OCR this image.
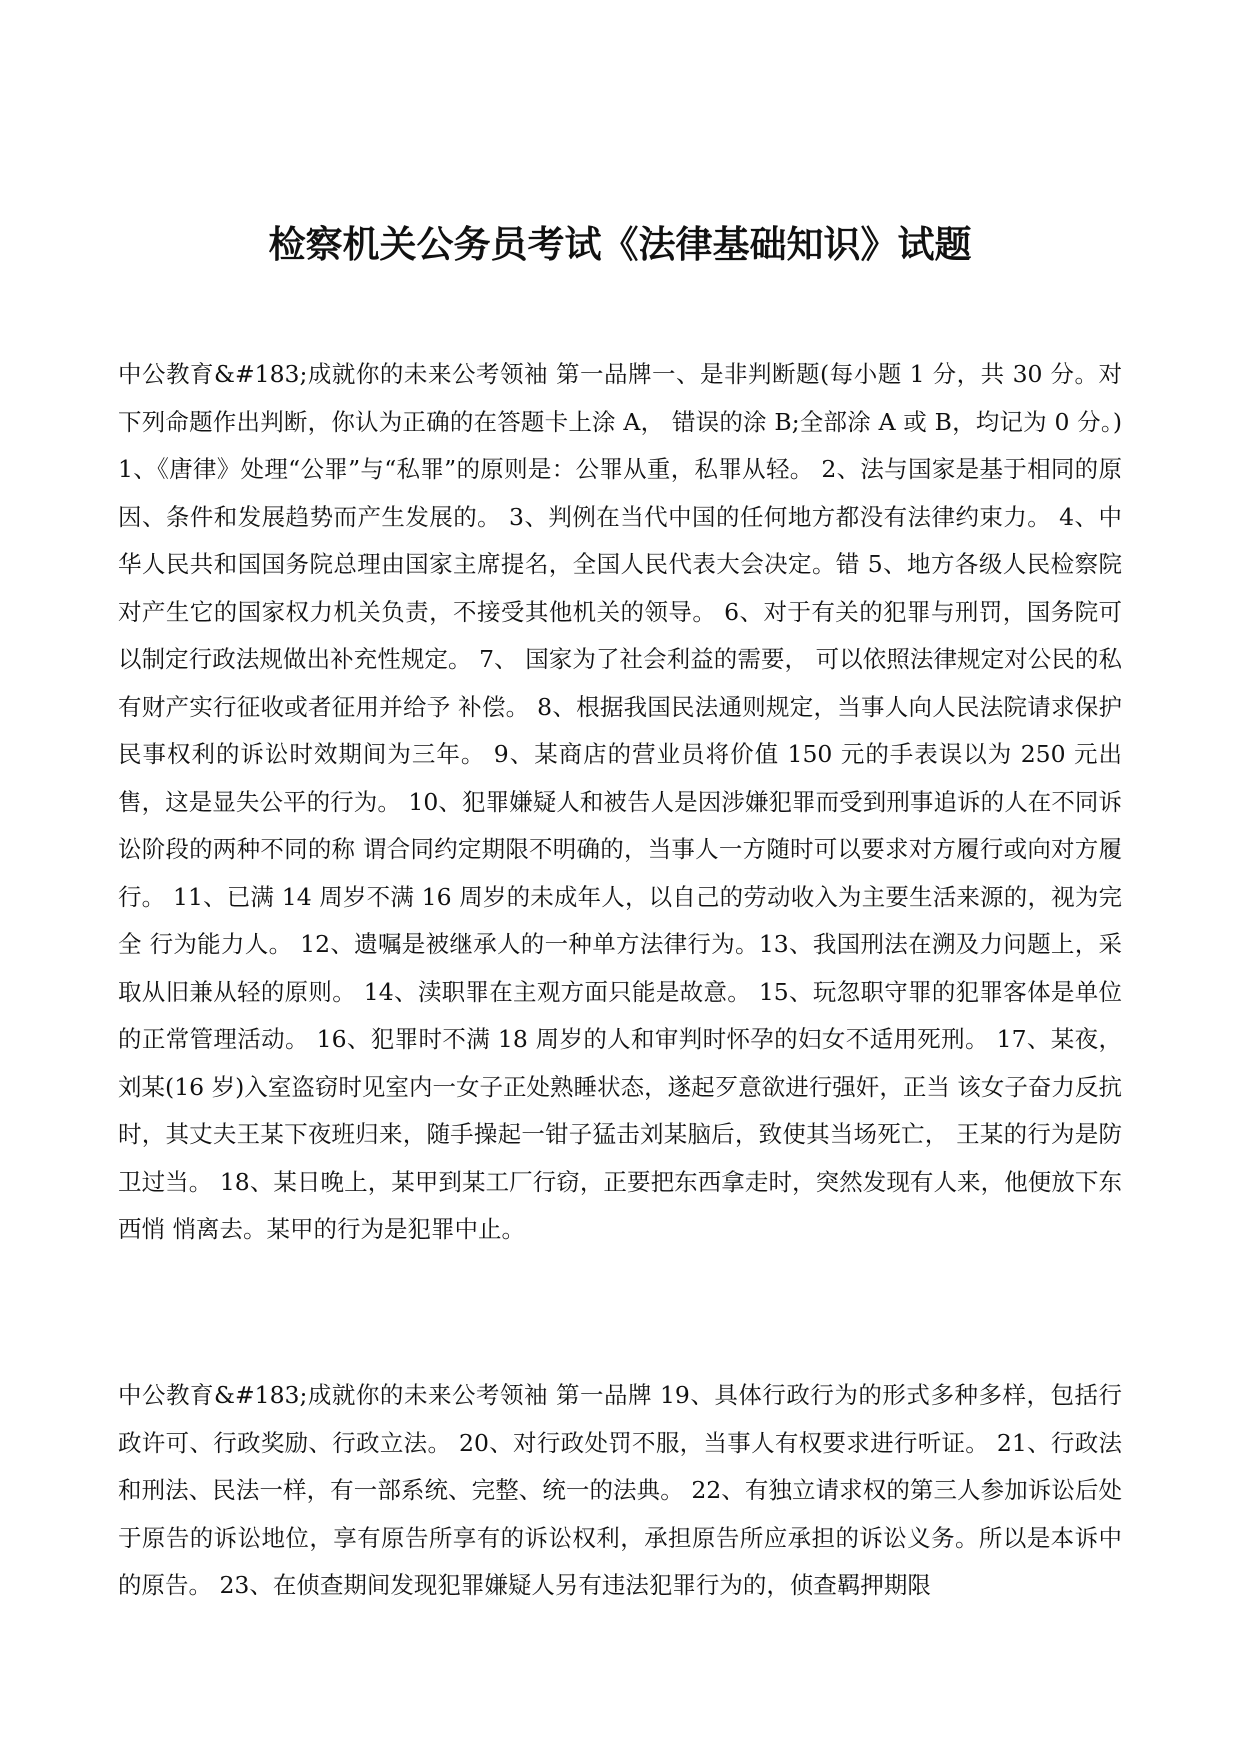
检察机关公务员考试《法律基础知识》试题

中公教育&#183;成就你的未来公考领袖 第一品牌一、是非判断题(每小题 1 分，共 30 分。对下列命题作出判断，你认为正确的在答题卡上涂 A， 错误的涂 B;全部涂 A 或 B，均记为 0 分。) 1、《唐律》处理“公罪”与“私罪”的原则是：公罪从重，私罪从轻。 2、法与国家是基于相同的原因、条件和发展趋势而产生发展的。 3、判例在当代中国的任何地方都没有法律约束力。 4、中华人民共和国国务院总理由国家主席提名，全国人民代表大会决定。错 5、地方各级人民检察院对产生它的国家权力机关负责，不接受其他机关的领导。 6、对于有关的犯罪与刑罚，国务院可以制定行政法规做出补充性规定。 7、 国家为了社会利益的需要， 可以依照法律规定对公民的私有财产实行征收或者征用并给予 补偿。 8、根据我国民法通则规定，当事人向人民法院请求保护民事权利的诉讼时效期间为三年。 9、某商店的营业员将价值 150 元的手表误以为 250 元出售，这是显失公平的行为。 10、犯罪嫌疑人和被告人是因涉嫌犯罪而受到刑事追诉的人在不同诉讼阶段的两种不同的称 谓合同约定期限不明确的，当事人一方随时可以要求对方履行或向对方履行。 11、已满 14 周岁不满 16 周岁的未成年人，以自己的劳动收入为主要生活来源的，视为完全 行为能力人。 12、遗嘱是被继承人的一种单方法律行为。13、我国刑法在溯及力问题上，采取从旧兼从轻的原则。 14、渎职罪在主观方面只能是故意。 15、玩忽职守罪的犯罪客体是单位的正常管理活动。 16、犯罪时不满 18 周岁的人和审判时怀孕的妇女不适用死刑。 17、某夜，刘某(16 岁)入室盗窃时见室内一女子正处熟睡状态，遂起歹意欲进行强奸，正当 该女子奋力反抗时，其丈夫王某下夜班归来，随手操起一钳子猛击刘某脑后，致使其当场死亡， 王某的行为是防卫过当。 18、某日晚上，某甲到某工厂行窃，正要把东西拿走时，突然发现有人来，他便放下东西悄 悄离去。某甲的行为是犯罪中止。

中公教育&#183;成就你的未来公考领袖 第一品牌 19、具体行政行为的形式多种多样，包括行政许可、行政奖励、行政立法。 20、对行政处罚不服，当事人有权要求进行听证。 21、行政法和刑法、民法一样，有一部系统、完整、统一的法典。 22、有独立请求权的第三人参加诉讼后处于原告的诉讼地位，享有原告所享有的诉讼权利，承担原告所应承担的诉讼义务。所以是本诉中的原告。 23、在侦查期间发现犯罪嫌疑人另有违法犯罪行为的，侦查羁押期限
